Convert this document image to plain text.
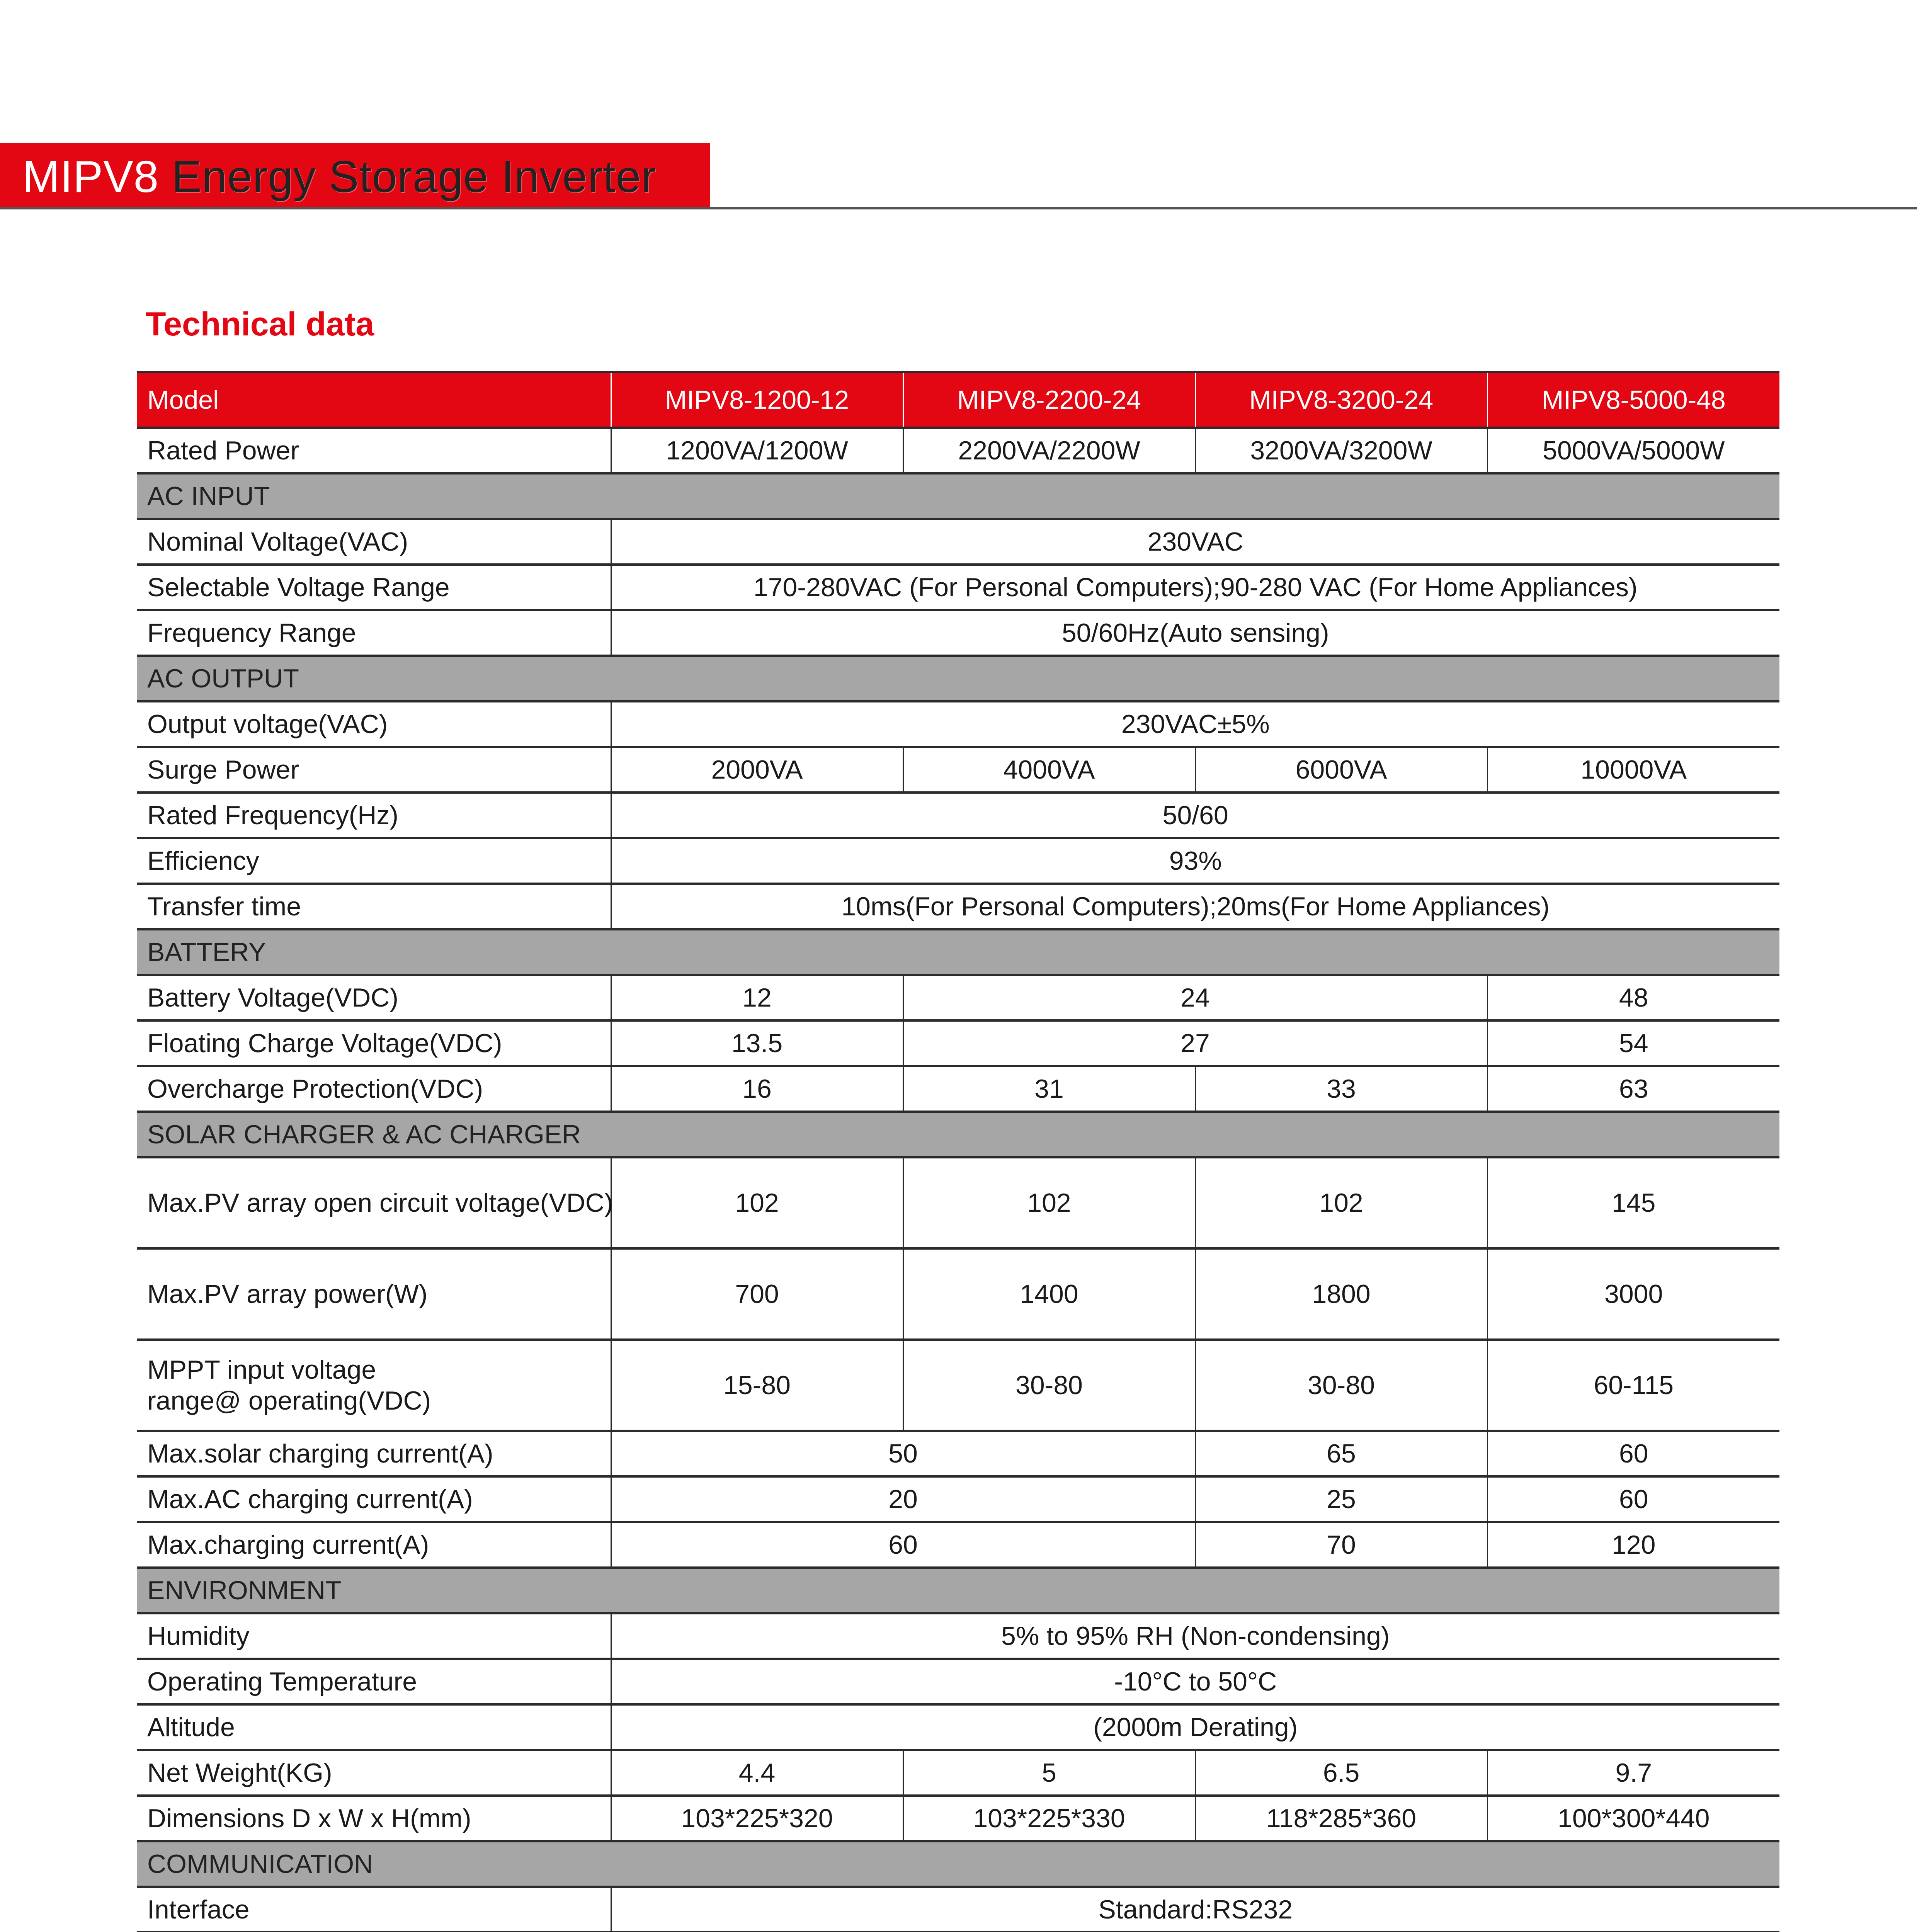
MIPV8 Energy Storage Inverter
Technical data
Model	MIPV8-1200-12	MIPV8-2200-24	MIPV8-3200-24	MIPV8-5000-48
Rated Power	1200VA/1200W	2200VA/2200W	3200VA/3200W	5000VA/5000W
AC INPUT				
Nominal Voltage(VAC)	230VAC			
Selectable Voltage Range	170-280VAC (For Personal Computers);90-280 VAC (For Home Appliances)			
Frequency Range	50/60Hz(Auto sensing)			
AC OUTPUT				
Output voltage(VAC)	230VAC±5%			
Surge Power	2000VA	4000VA	6000VA	10000VA
Rated Frequency(Hz)	50/60			
Efficiency	93%			
Transfer time	10ms(For Personal Computers);20ms(For Home Appliances)			
BATTERY				
Battery Voltage(VDC)	12	24		48
Floating Charge Voltage(VDC)	13.5	27		54
Overcharge Protection(VDC)	16	31	33	63
SOLAR CHARGER & AC CHARGER				
Max.PV array open circuit voltage(VDC)	102	102	102	145
Max.PV array power(W)	700	1400	1800	3000

MPPT input voltage
range@ operating(VDC)	15-80	30-80	30-80	60-115
Max.solar charging current(A)	50		65	60
Max.AC charging current(A)	20		25	60
Max.charging current(A)	60		70	120
ENVIRONMENT				
Humidity	5% to 95% RH (Non-condensing)			
Operating Temperature	-10°C to 50°C			
Altitude	(2000m Derating)			
Net Weight(KG)	4.4	5	6.5	9.7
Dimensions D x W x H(mm)	103*225*320	103*225*330	118*285*360	100*300*440
COMMUNICATION				
Interface	Standard:RS232			
